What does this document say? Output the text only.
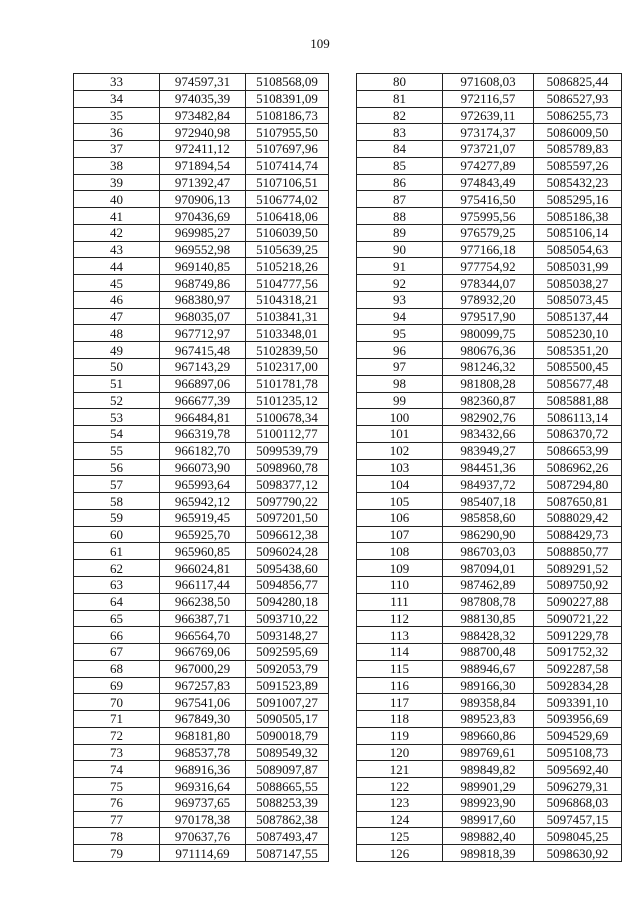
109
33	974597,31	5108568,09
34	974035,39	5108391,09
35	973482,84	5108186,73
36	972940,98	5107955,50
37	972411,12	5107697,96
38	971894,54	5107414,74
39	971392,47	5107106,51
40	970906,13	5106774,02
41	970436,69	5106418,06
42	969985,27	5106039,50
43	969552,98	5105639,25
44	969140,85	5105218,26
45	968749,86	5104777,56
46	968380,97	5104318,21
47	968035,07	5103841,31
48	967712,97	5103348,01
49	967415,48	5102839,50
50	967143,29	5102317,00
51	966897,06	5101781,78
52	966677,39	5101235,12
53	966484,81	5100678,34
54	966319,78	5100112,77
55	966182,70	5099539,79
56	966073,90	5098960,78
57	965993,64	5098377,12
58	965942,12	5097790,22
59	965919,45	5097201,50
60	965925,70	5096612,38
61	965960,85	5096024,28
62	966024,81	5095438,60
63	966117,44	5094856,77
64	966238,50	5094280,18
65	966387,71	5093710,22
66	966564,70	5093148,27
67	966769,06	5092595,69
68	967000,29	5092053,79
69	967257,83	5091523,89
70	967541,06	5091007,27
71	967849,30	5090505,17
72	968181,80	5090018,79
73	968537,78	5089549,32
74	968916,36	5089097,87
75	969316,64	5088665,55
76	969737,65	5088253,39
77	970178,38	5087862,38
78	970637,76	5087493,47
79	971114,69	5087147,55
80	971608,03	5086825,44
81	972116,57	5086527,93
82	972639,11	5086255,73
83	973174,37	5086009,50
84	973721,07	5085789,83
85	974277,89	5085597,26
86	974843,49	5085432,23
87	975416,50	5085295,16
88	975995,56	5085186,38
89	976579,25	5085106,14
90	977166,18	5085054,63
91	977754,92	5085031,99
92	978344,07	5085038,27
93	978932,20	5085073,45
94	979517,90	5085137,44
95	980099,75	5085230,10
96	980676,36	5085351,20
97	981246,32	5085500,45
98	981808,28	5085677,48
99	982360,87	5085881,88
100	982902,76	5086113,14
101	983432,66	5086370,72
102	983949,27	5086653,99
103	984451,36	5086962,26
104	984937,72	5087294,80
105	985407,18	5087650,81
106	985858,60	5088029,42
107	986290,90	5088429,73
108	986703,03	5088850,77
109	987094,01	5089291,52
110	987462,89	5089750,92
111	987808,78	5090227,88
112	988130,85	5090721,22
113	988428,32	5091229,78
114	988700,48	5091752,32
115	988946,67	5092287,58
116	989166,30	5092834,28
117	989358,84	5093391,10
118	989523,83	5093956,69
119	989660,86	5094529,69
120	989769,61	5095108,73
121	989849,82	5095692,40
122	989901,29	5096279,31
123	989923,90	5096868,03
124	989917,60	5097457,15
125	989882,40	5098045,25
126	989818,39	5098630,92
